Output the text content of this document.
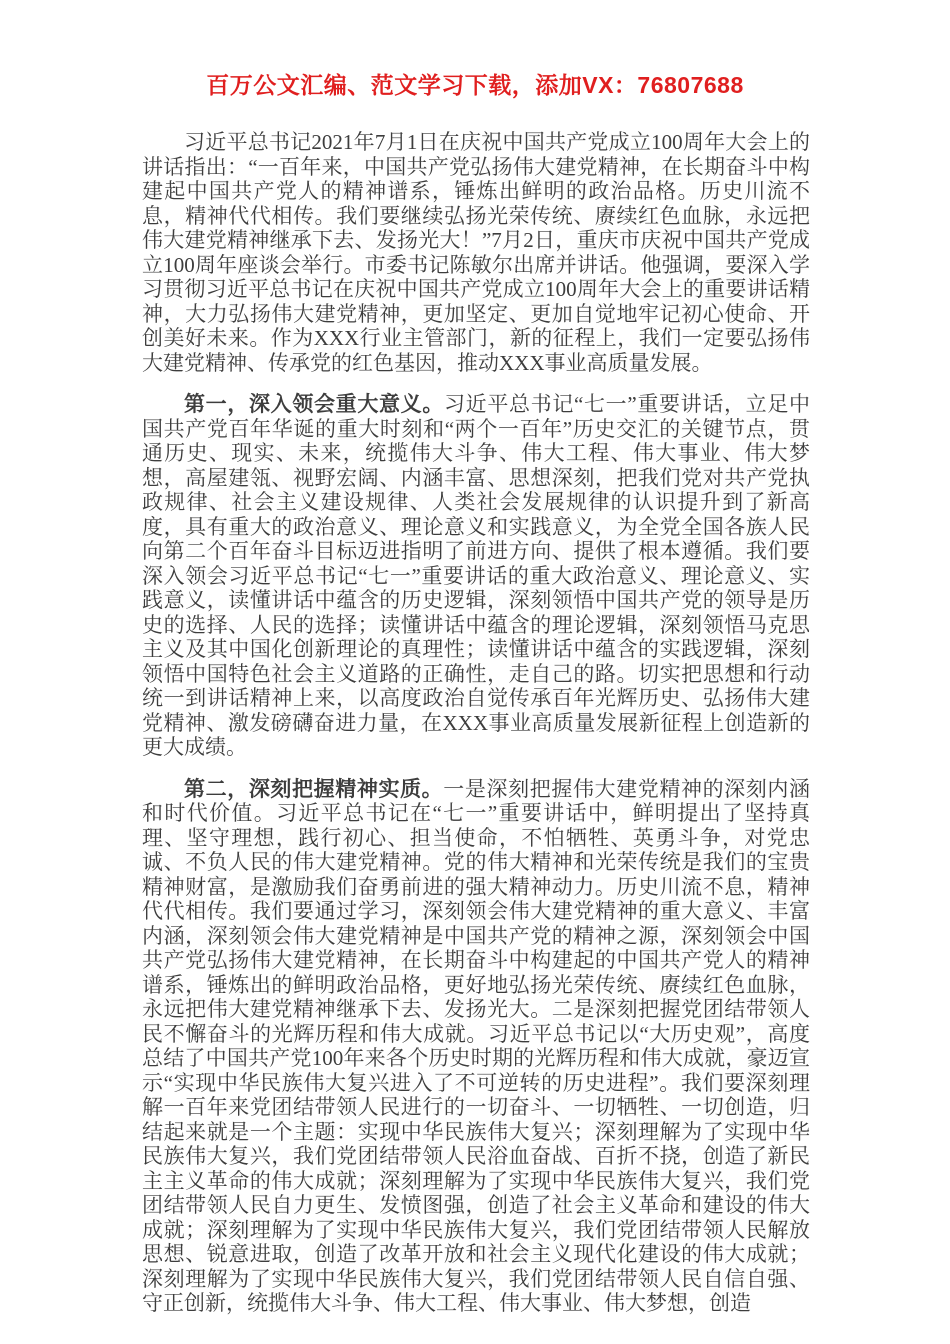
百万公文汇编、范文学习下载，添加VX：76807688

习近平总书记2021年7月1日在庆祝中国共产党成立100周年大会上的讲话指出：“一百年来，中国共产党弘扬伟大建党精神，在长期奋斗中构建起中国共产党人的精神谱系，锤炼出鲜明的政治品格。历史川流不息，精神代代相传。我们要继续弘扬光荣传统、赓续红色血脉，永远把伟大建党精神继承下去、发扬光大！”7月2日，重庆市庆祝中国共产党成立100周年座谈会举行。市委书记陈敏尔出席并讲话。他强调，要深入学习贯彻习近平总书记在庆祝中国共产党成立100周年大会上的重要讲话精神，大力弘扬伟大建党精神，更加坚定、更加自觉地牢记初心使命、开创美好未来。作为XXX行业主管部门，新的征程上，我们一定要弘扬伟大建党精神、传承党的红色基因，推动XXX事业高质量发展。

第一，深入领会重大意义。习近平总书记“七一”重要讲话，立足中国共产党百年华诞的重大时刻和“两个一百年”历史交汇的关键节点，贯通历史、现实、未来，统揽伟大斗争、伟大工程、伟大事业、伟大梦想，高屋建瓴、视野宏阔、内涵丰富、思想深刻，把我们党对共产党执政规律、社会主义建设规律、人类社会发展规律的认识提升到了新高度，具有重大的政治意义、理论意义和实践意义，为全党全国各族人民向第二个百年奋斗目标迈进指明了前进方向、提供了根本遵循。我们要深入领会习近平总书记“七一”重要讲话的重大政治意义、理论意义、实践意义，读懂讲话中蕴含的历史逻辑，深刻领悟中国共产党的领导是历史的选择、人民的选择；读懂讲话中蕴含的理论逻辑，深刻领悟马克思主义及其中国化创新理论的真理性；读懂讲话中蕴含的实践逻辑，深刻领悟中国特色社会主义道路的正确性，走自己的路。切实把思想和行动统一到讲话精神上来，以高度政治自觉传承百年光辉历史、弘扬伟大建党精神、激发磅礴奋进力量，在XXX事业高质量发展新征程上创造新的更大成绩。

第二，深刻把握精神实质。一是深刻把握伟大建党精神的深刻内涵和时代价值。习近平总书记在“七一”重要讲话中，鲜明提出了坚持真理、坚守理想，践行初心、担当使命，不怕牺牲、英勇斗争，对党忠诚、不负人民的伟大建党精神。党的伟大精神和光荣传统是我们的宝贵精神财富，是激励我们奋勇前进的强大精神动力。历史川流不息，精神代代相传。我们要通过学习，深刻领会伟大建党精神的重大意义、丰富内涵，深刻领会伟大建党精神是中国共产党的精神之源，深刻领会中国共产党弘扬伟大建党精神，在长期奋斗中构建起的中国共产党人的精神谱系，锤炼出的鲜明政治品格，更好地弘扬光荣传统、赓续红色血脉，永远把伟大建党精神继承下去、发扬光大。二是深刻把握党团结带领人民不懈奋斗的光辉历程和伟大成就。习近平总书记以“大历史观”，高度总结了中国共产党100年来各个历史时期的光辉历程和伟大成就，豪迈宣示“实现中华民族伟大复兴进入了不可逆转的历史进程”。我们要深刻理解一百年来党团结带领人民进行的一切奋斗、一切牺牲、一切创造，归结起来就是一个主题：实现中华民族伟大复兴；深刻理解为了实现中华民族伟大复兴，我们党团结带领人民浴血奋战、百折不挠，创造了新民主主义革命的伟大成就；深刻理解为了实现中华民族伟大复兴，我们党团结带领人民自力更生、发愤图强，创造了社会主义革命和建设的伟大成就；深刻理解为了实现中华民族伟大复兴，我们党团结带领人民解放思想、锐意进取，创造了改革开放和社会主义现代化建设的伟大成就；深刻理解为了实现中华民族伟大复兴，我们党团结带领人民自信自强、守正创新，统揽伟大斗争、伟大工程、伟大事业、伟大梦想，创造
